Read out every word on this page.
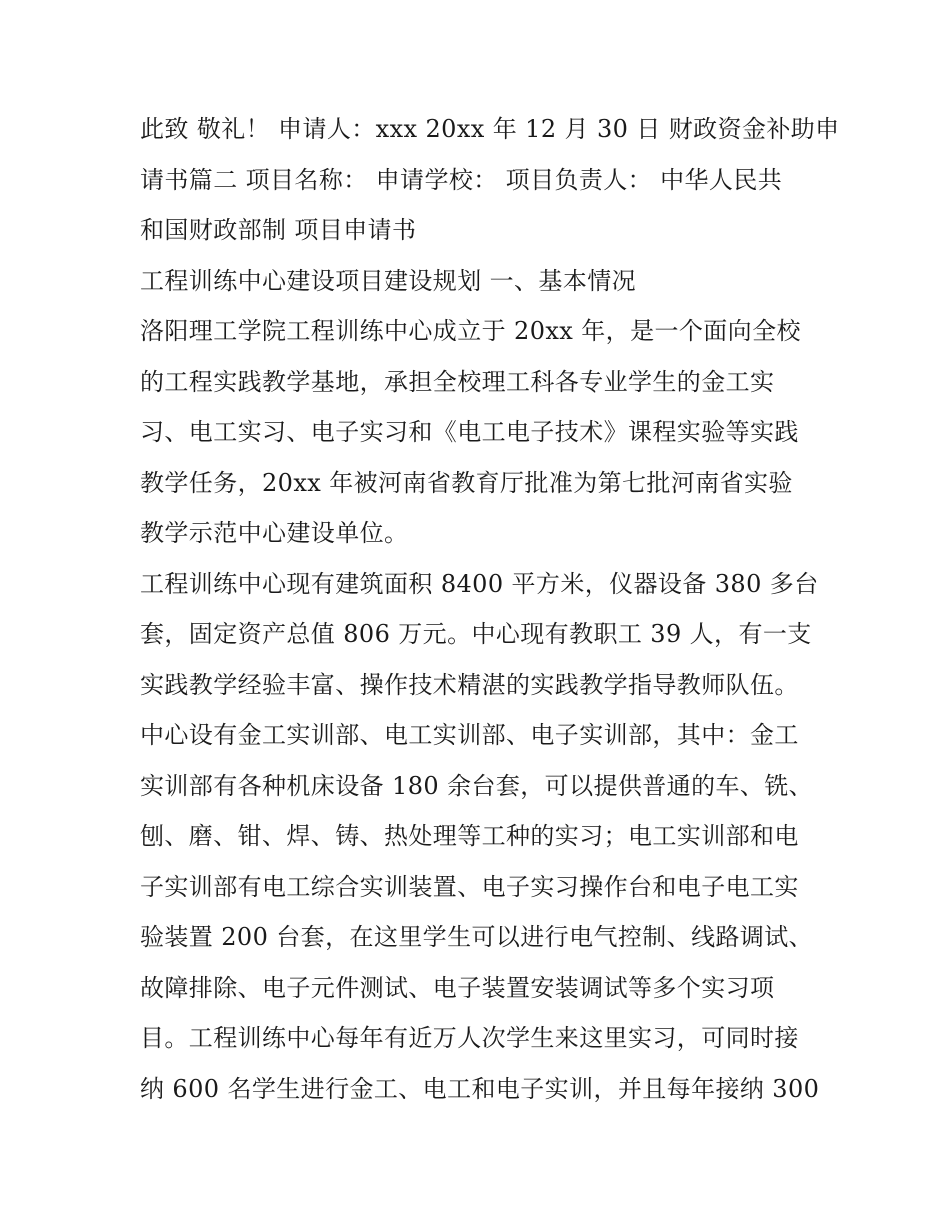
此致 敬礼！ 申请人：xxx 20xx 年 12 月 30 日 财政资金补助申
请书篇二 项目名称： 申请学校： 项目负责人： 中华人民共
和国财政部制 项目申请书
工程训练中心建设项目建设规划 一、基本情况
洛阳理工学院工程训练中心成立于 20xx 年，是一个面向全校
的工程实践教学基地，承担全校理工科各专业学生的金工实
习、电工实习、电子实习和《电工电子技术》课程实验等实践
教学任务，20xx 年被河南省教育厅批准为第七批河南省实验
教学示范中心建设单位。
工程训练中心现有建筑面积 8400 平方米，仪器设备 380 多台
套，固定资产总值 806 万元。中心现有教职工 39 人，有一支
实践教学经验丰富、操作技术精湛的实践教学指导教师队伍。
中心设有金工实训部、电工实训部、电子实训部，其中：金工
实训部有各种机床设备 180 余台套，可以提供普通的车、铣、
刨、磨、钳、焊、铸、热处理等工种的实习；电工实训部和电
子实训部有电工综合实训装置、电子实习操作台和电子电工实
验装置 200 台套，在这里学生可以进行电气控制、线路调试、
故障排除、电子元件测试、电子装置安装调试等多个实习项
目。工程训练中心每年有近万人次学生来这里实习，可同时接
纳 600 名学生进行金工、电工和电子实训，并且每年接纳 300
